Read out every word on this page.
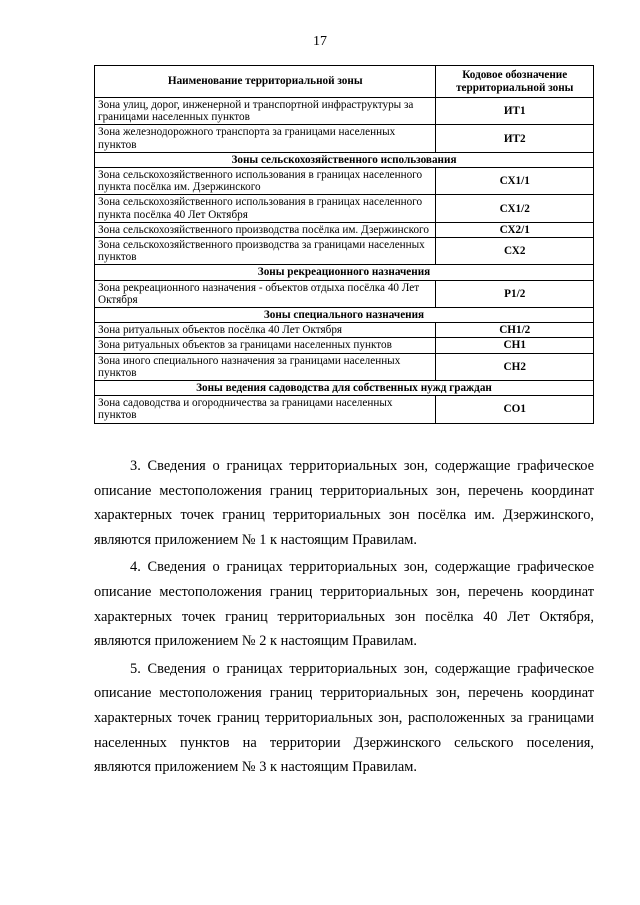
17
Наименование территориальной зоны	Кодовое обозначение территориальной зоны
Зона улиц, дорог, инженерной и транспортной инфраструктуры за границами населенных пунктов	ИТ1
Зона железнодорожного транспорта за границами населенных пунктов	ИТ2
Зоны сельскохозяйственного использования	
Зона сельскохозяйственного использования в границах населенного пункта посёлка им. Дзержинского	СХ1/1
Зона сельскохозяйственного использования в границах населенного пункта посёлка 40 Лет Октября	СХ1/2
Зона сельскохозяйственного производства посёлка им. Дзержинского	СХ2/1
Зона сельскохозяйственного производства за границами населенных пунктов	СХ2
Зоны рекреационного назначения	
Зона рекреационного назначения - объектов отдыха посёлка 40 Лет Октября	Р1/2
Зоны специального назначения	
Зона ритуальных объектов посёлка 40 Лет Октября	СН1/2
Зона ритуальных объектов за границами населенных пунктов	СН1
Зона иного специального назначения за границами населенных пунктов	СН2
Зоны ведения садоводства для собственных нужд граждан	
Зона садоводства и огородничества за границами населенных пунктов	СО1

3. Сведения о границах территориальных зон, содержащие графическое описание местоположения границ территориальных зон, перечень координат характерных точек границ территориальных зон посёлка им. Дзержинского, являются приложением № 1 к настоящим Правилам.

4. Сведения о границах территориальных зон, содержащие графическое описание местоположения границ территориальных зон, перечень координат характерных точек границ территориальных зон посёлка 40 Лет Октября, являются приложением № 2 к настоящим Правилам.

5. Сведения о границах территориальных зон, содержащие графическое описание местоположения границ территориальных зон, перечень координат характерных точек границ территориальных зон, расположенных за границами населенных пунктов на территории Дзержинского сельского поселения, являются приложением № 3 к настоящим Правилам.
